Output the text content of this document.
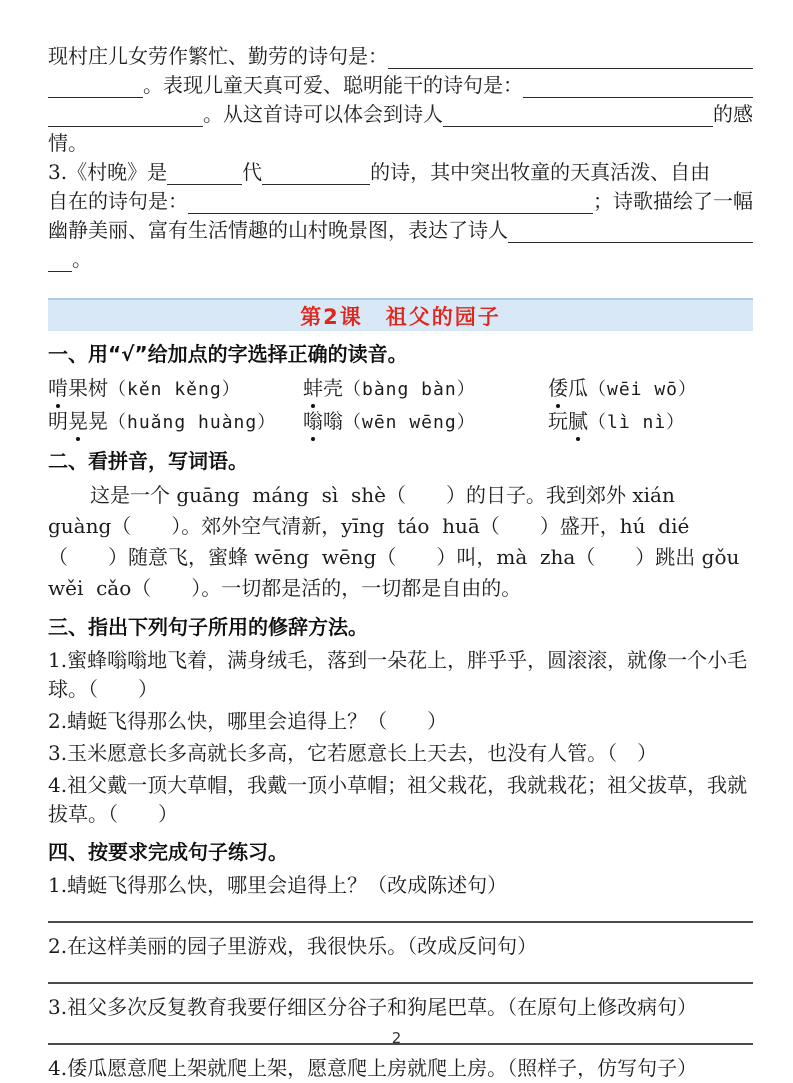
现村庄儿女劳作繁忙、勤劳的诗句是：
。表现儿童天真可爱、聪明能干的诗句是：
。从这首诗可以体会到诗人	的感
情。
3.《村晚》是	代	的诗，其中突出牧童的天真活泼、自由
自在的诗句是：	；诗歌描绘了一幅
幽静美丽、富有生活情趣的山村晚景图，表达了诗人
。
第2课　祖父的园子
一、用“√”给加点的字选择正确的读音。
啃果树（kěn kěng）	蚌壳（bàng bàn）	倭瓜（wēi wō）
明晃晃（huǎng huàng）	嗡嗡（wēn wēng）	玩腻（lì nì）
二、看拼音，写词语。
这是一个 guāng  máng  sì  shè（　　）的日子。我到郊外 xián
guàng（　　）。郊外空气清新，yīng  táo  huā（　　）盛开，hú  dié
（　　）随意飞，蜜蜂 wēng  wēng（　　）叫，mà  zha（　　）跳出 gǒu
wěi  cǎo（　　）。一切都是活的，一切都是自由的。
三、指出下列句子所用的修辞方法。
1.蜜蜂嗡嗡地飞着，满身绒毛，落到一朵花上，胖乎乎，圆滚滚，就像一个小毛球。（　　）
2.蜻蜓飞得那么快，哪里会追得上？（　　）
3.玉米愿意长多高就长多高，它若愿意长上天去，也没有人管。（　）
4.祖父戴一顶大草帽，我戴一顶小草帽；祖父栽花，我就栽花；祖父拔草，我就拔草。（　　）
四、按要求完成句子练习。
1.蜻蜓飞得那么快，哪里会追得上？（改成陈述句）
2.在这样美丽的园子里游戏，我很快乐。（改成反问句）
3.祖父多次反复教育我要仔细区分谷子和狗尾巴草。（在原句上修改病句）
4.倭瓜愿意爬上架就爬上架，愿意爬上房就爬上房。（照样子，仿写句子）
2
